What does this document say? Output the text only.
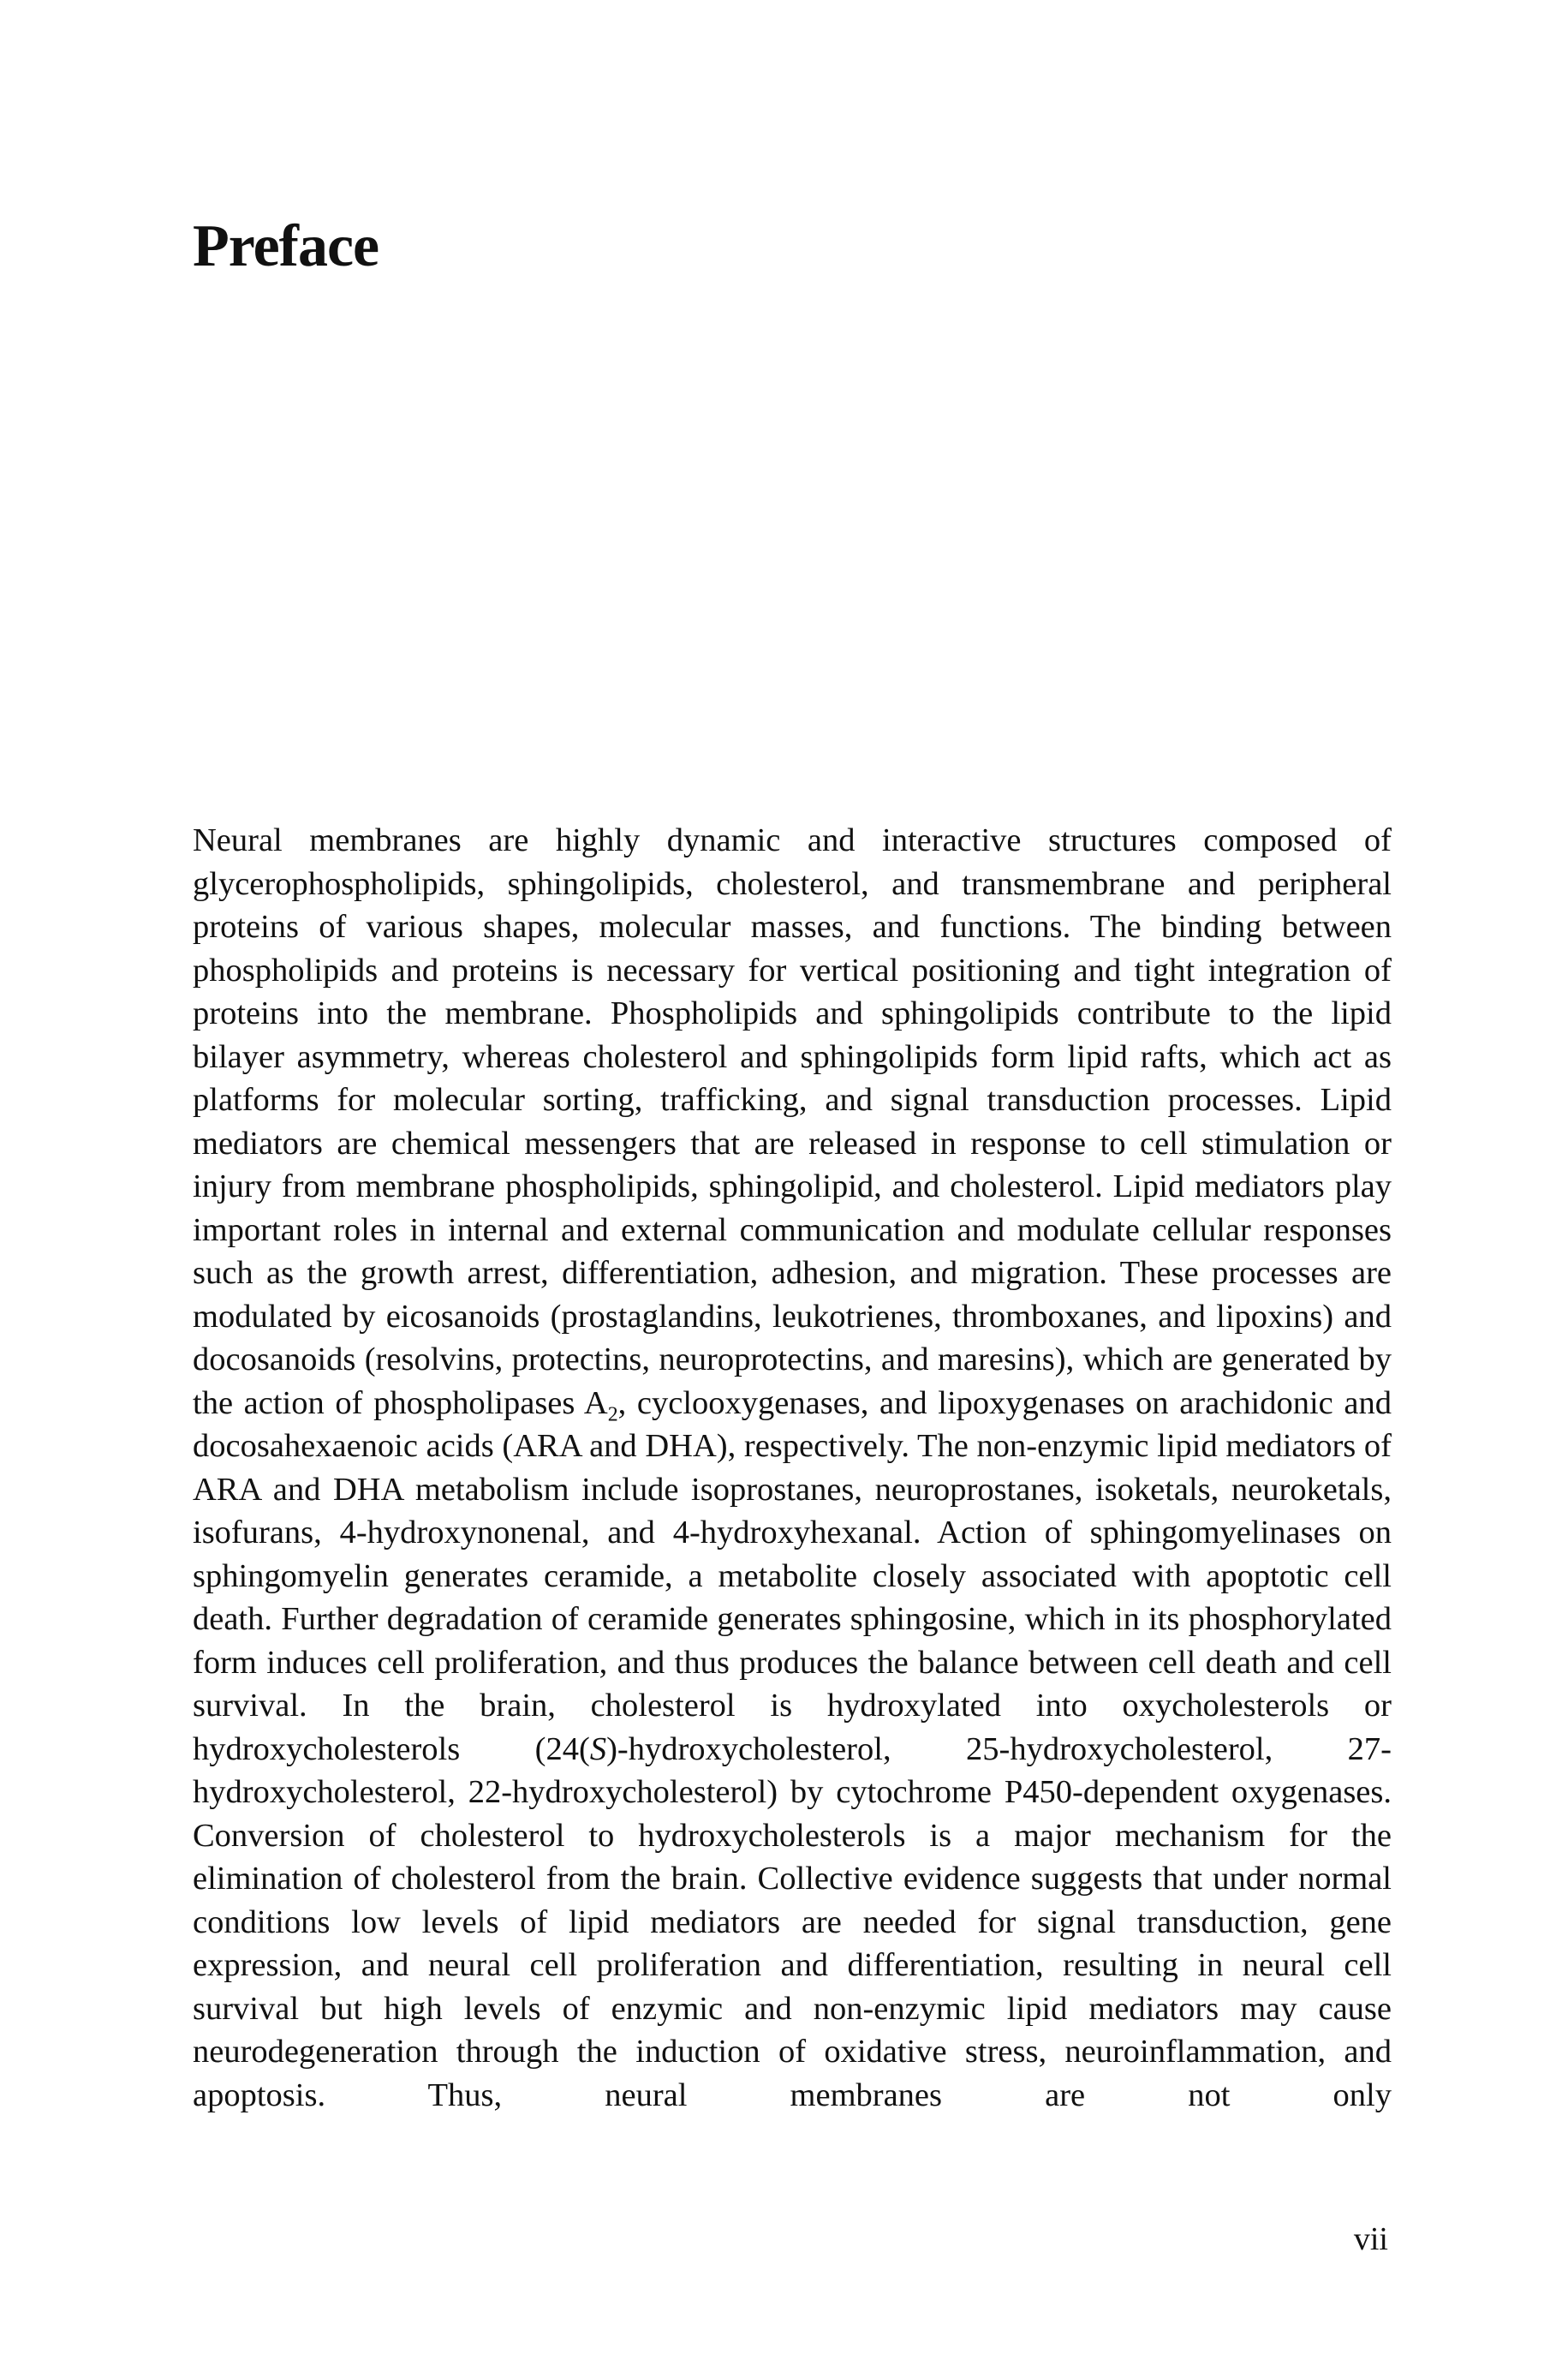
Preface

Neural membranes are highly dynamic and interactive structures composed of glycerophospholipids, sphingolipids, cholesterol, and transmembrane and peripheral proteins of various shapes, molecular masses, and functions. The binding between phospholipids and proteins is necessary for vertical positioning and tight integration of proteins into the membrane. Phospholipids and sphingolipids contribute to the lipid bilayer asymmetry, whereas cholesterol and sphingolipids form lipid rafts, which act as platforms for molecular sorting, trafficking, and signal transduction processes. Lipid mediators are chemical messengers that are released in response to cell stimulation or injury from membrane phospholipids, sphingolipid, and cholesterol. Lipid mediators play important roles in internal and external communication and modulate cellular responses such as the growth arrest, differentiation, adhesion, and migration. These processes are modulated by eicosanoids (prostaglandins, leukotrienes, thromboxanes, and lipoxins) and docosanoids (resolvins, protectins, neuroprotectins, and maresins), which are generated by the action of phospholipases $A_2$, cyclooxygenases, and lipoxygenases on arachidonic and docosahexaenoic acids (ARA and DHA), respectively. The non-enzymic lipid mediators of ARA and DHA metabolism include isoprostanes, neuroprostanes, isoketals, neuroketals, isofurans, 4-hydroxynonenal, and 4-hydroxyhexanal. Action of sphingomyelinases on sphingomyelin generates ceramide, a metabolite closely associated with apoptotic cell death. Further degradation of ceramide generates sphingosine, which in its phosphorylated form induces cell proliferation, and thus produces the balance between cell death and cell survival. In the brain, cholesterol is hydroxylated into oxycholesterols or hydroxycholesterols (24(S)-hydroxycholesterol, 25-hydroxycholesterol, 27-hydroxycholesterol, 22-hydroxycholesterol) by cytochrome P450-dependent oxygenases. Conversion of cholesterol to hydroxycholesterols is a major mechanism for the elimination of cholesterol from the brain. Collective evidence suggests that under normal conditions low levels of lipid mediators are needed for signal transduction, gene expression, and neural cell proliferation and differentiation, resulting in neural cell survival but high levels of enzymic and non-enzymic lipid mediators may cause neurodegeneration through the induction of oxidative stress, neuroinflammation, and apoptosis. Thus, neural membranes are not only

vii
